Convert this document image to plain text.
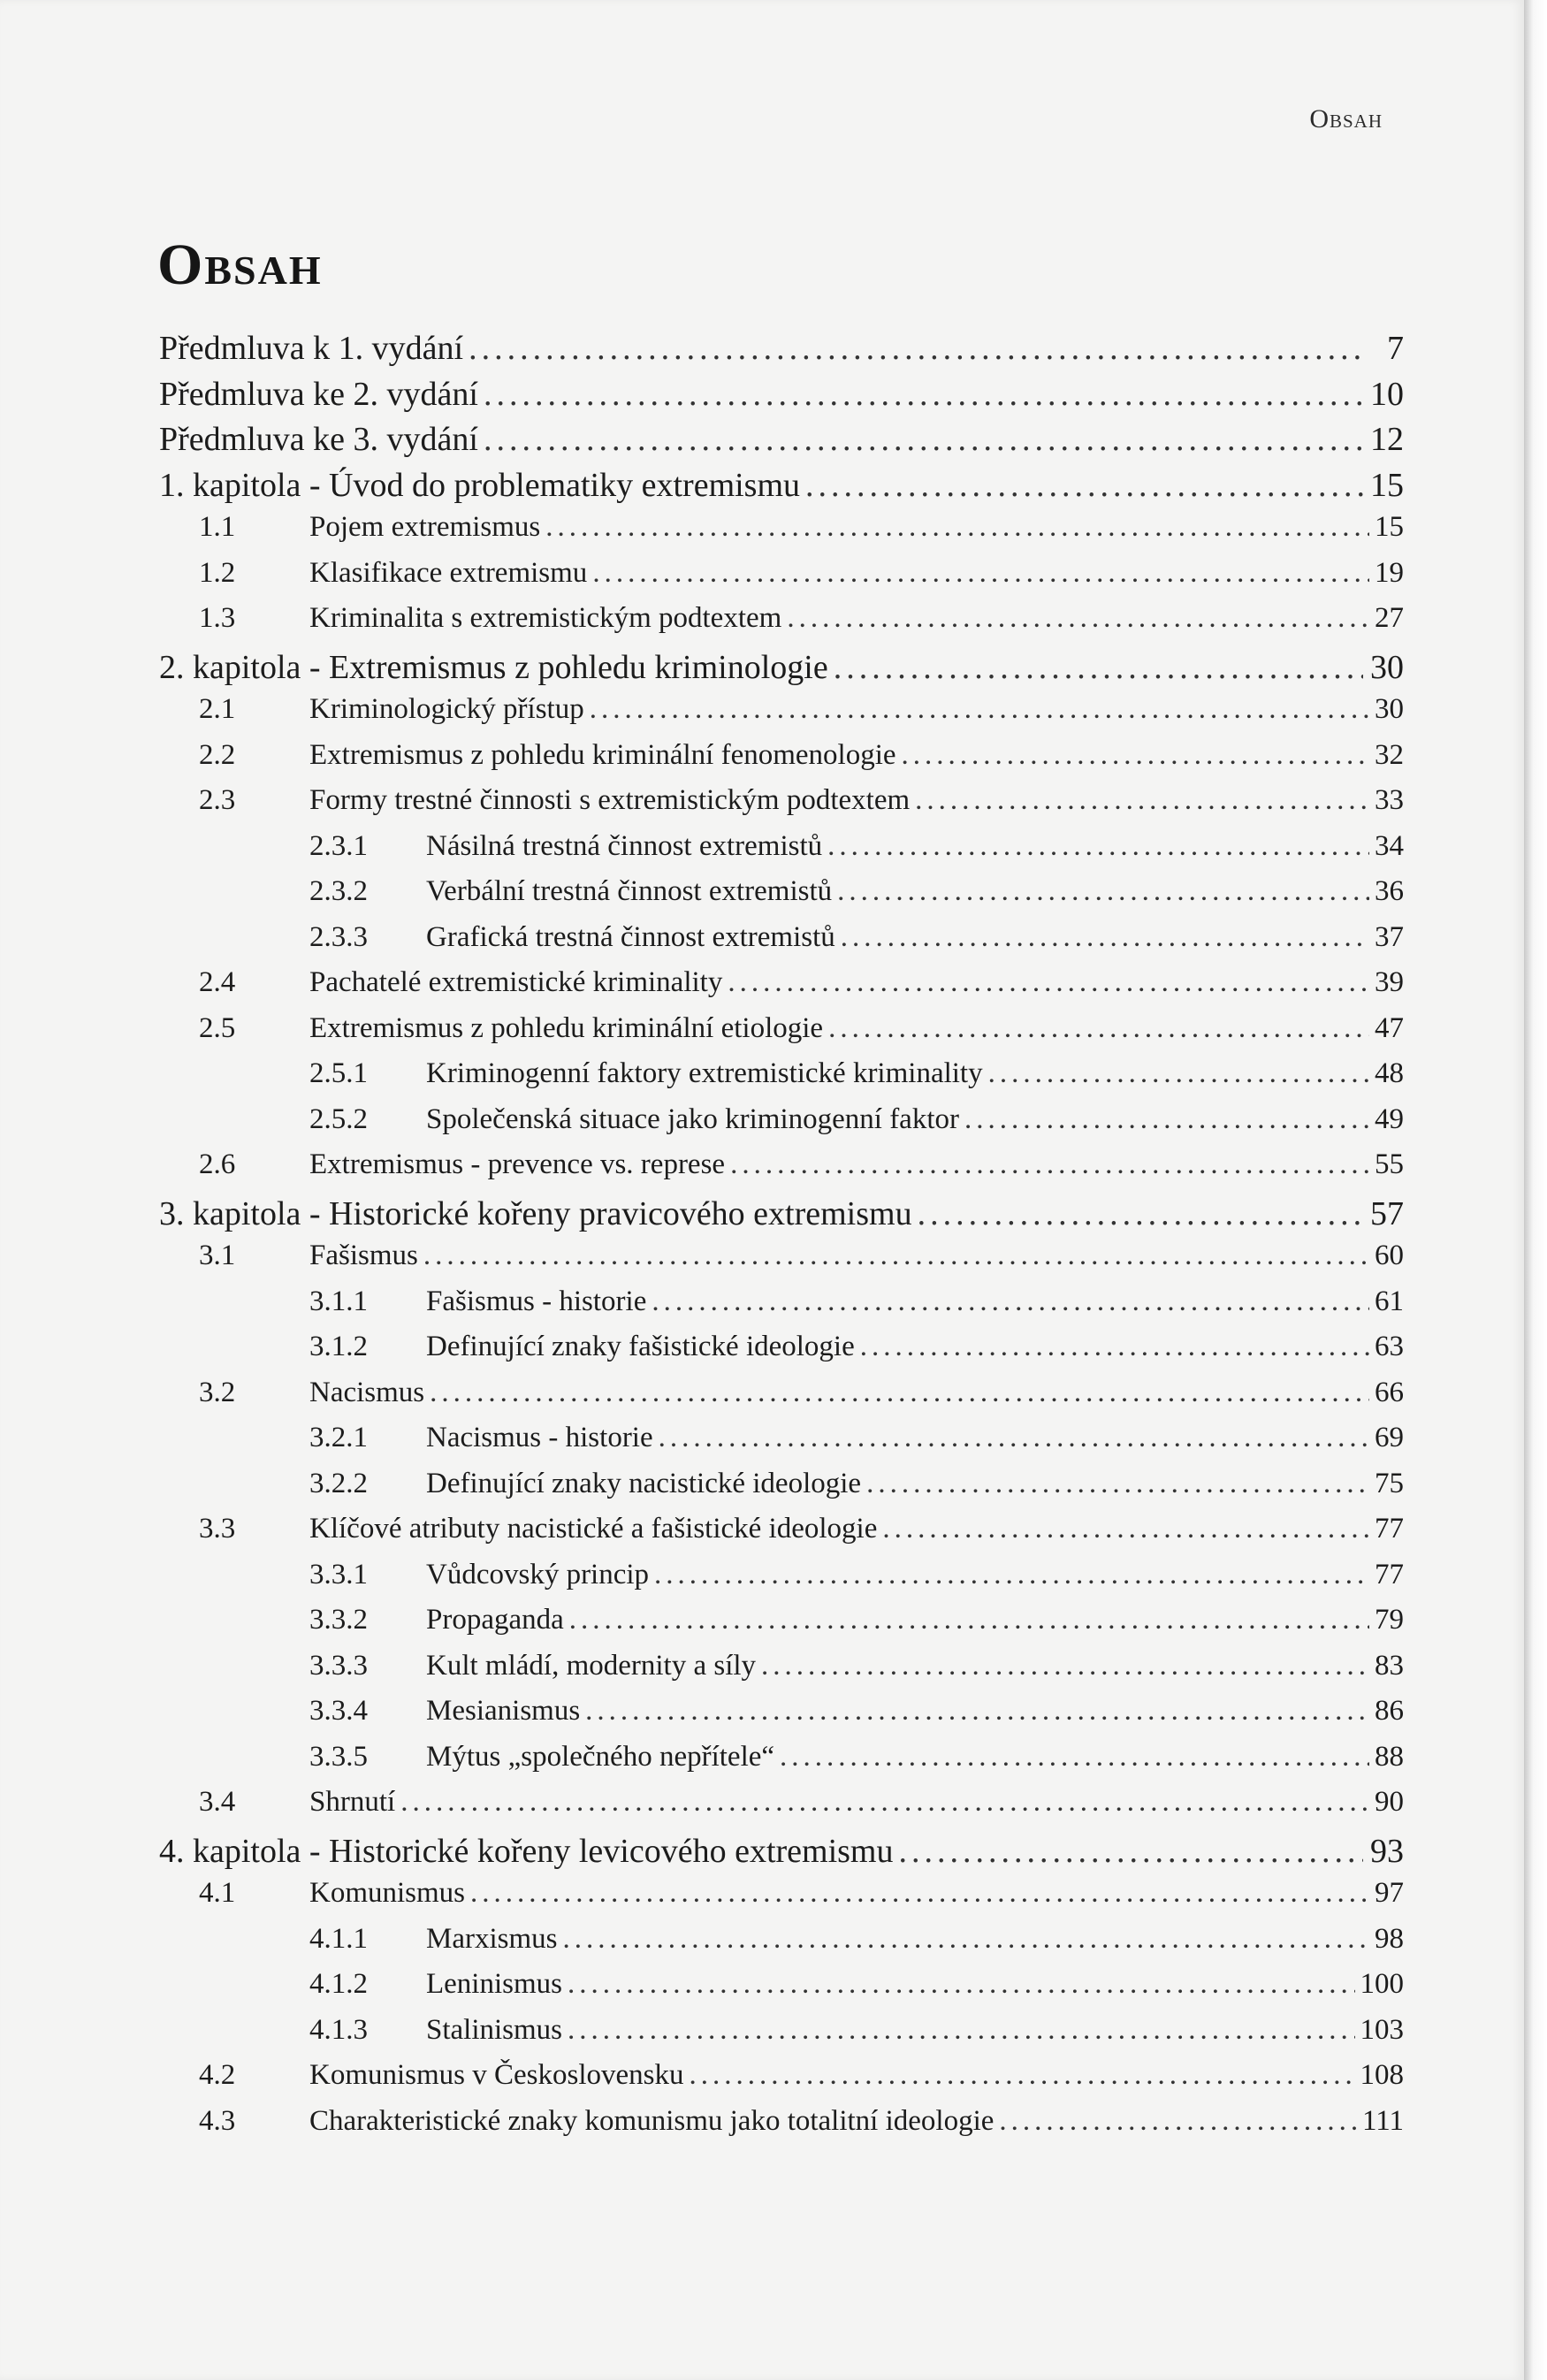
Obsah
Obsah
Předmluva k 1. vydání .....	7
Předmluva ke 2. vydání .....	10
Předmluva ke 3. vydání .....	12
1. kapitola - Úvod do problematiky extremismu .....	15
1.1	Pojem extremismus .....	15
1.2	Klasifikace extremismu .....	19
1.3	Kriminalita s extremistickým podtextem .....	27
2. kapitola - Extremismus z pohledu kriminologie .....	30
2.1	Kriminologický přístup .....	30
2.2	Extremismus z pohledu kriminální fenomenologie .....	32
2.3	Formy trestné činnosti s extremistickým podtextem .....	33
2.3.1	Násilná trestná činnost extremistů .....	34
2.3.2	Verbální trestná činnost extremistů .....	36
2.3.3	Grafická trestná činnost extremistů .....	37
2.4	Pachatelé extremistické kriminality .....	39
2.5	Extremismus z pohledu kriminální etiologie .....	47
2.5.1	Kriminogenní faktory extremistické kriminality .....	48
2.5.2	Společenská situace jako kriminogenní faktor .....	49
2.6	Extremismus - prevence vs. represe .....	55
3. kapitola - Historické kořeny pravicového extremismu .....	57
3.1	Fašismus .....	60
3.1.1	Fašismus - historie .....	61
3.1.2	Definující znaky fašistické ideologie .....	63
3.2	Nacismus .....	66
3.2.1	Nacismus - historie .....	69
3.2.2	Definující znaky nacistické ideologie .....	75
3.3	Klíčové atributy nacistické a fašistické ideologie .....	77
3.3.1	Vůdcovský princip .....	77
3.3.2	Propaganda .....	79
3.3.3	Kult mládí, modernity a síly .....	83
3.3.4	Mesianismus .....	86
3.3.5	Mýtus „společného nepřítele“ .....	88
3.4	Shrnutí .....	90
4. kapitola - Historické kořeny levicového extremismu .....	93
4.1	Komunismus .....	97
4.1.1	Marxismus .....	98
4.1.2	Leninismus .....	100
4.1.3	Stalinismus .....	103
4.2	Komunismus v Československu .....	108
4.3	Charakteristické znaky komunismu jako totalitní ideologie .....	111
